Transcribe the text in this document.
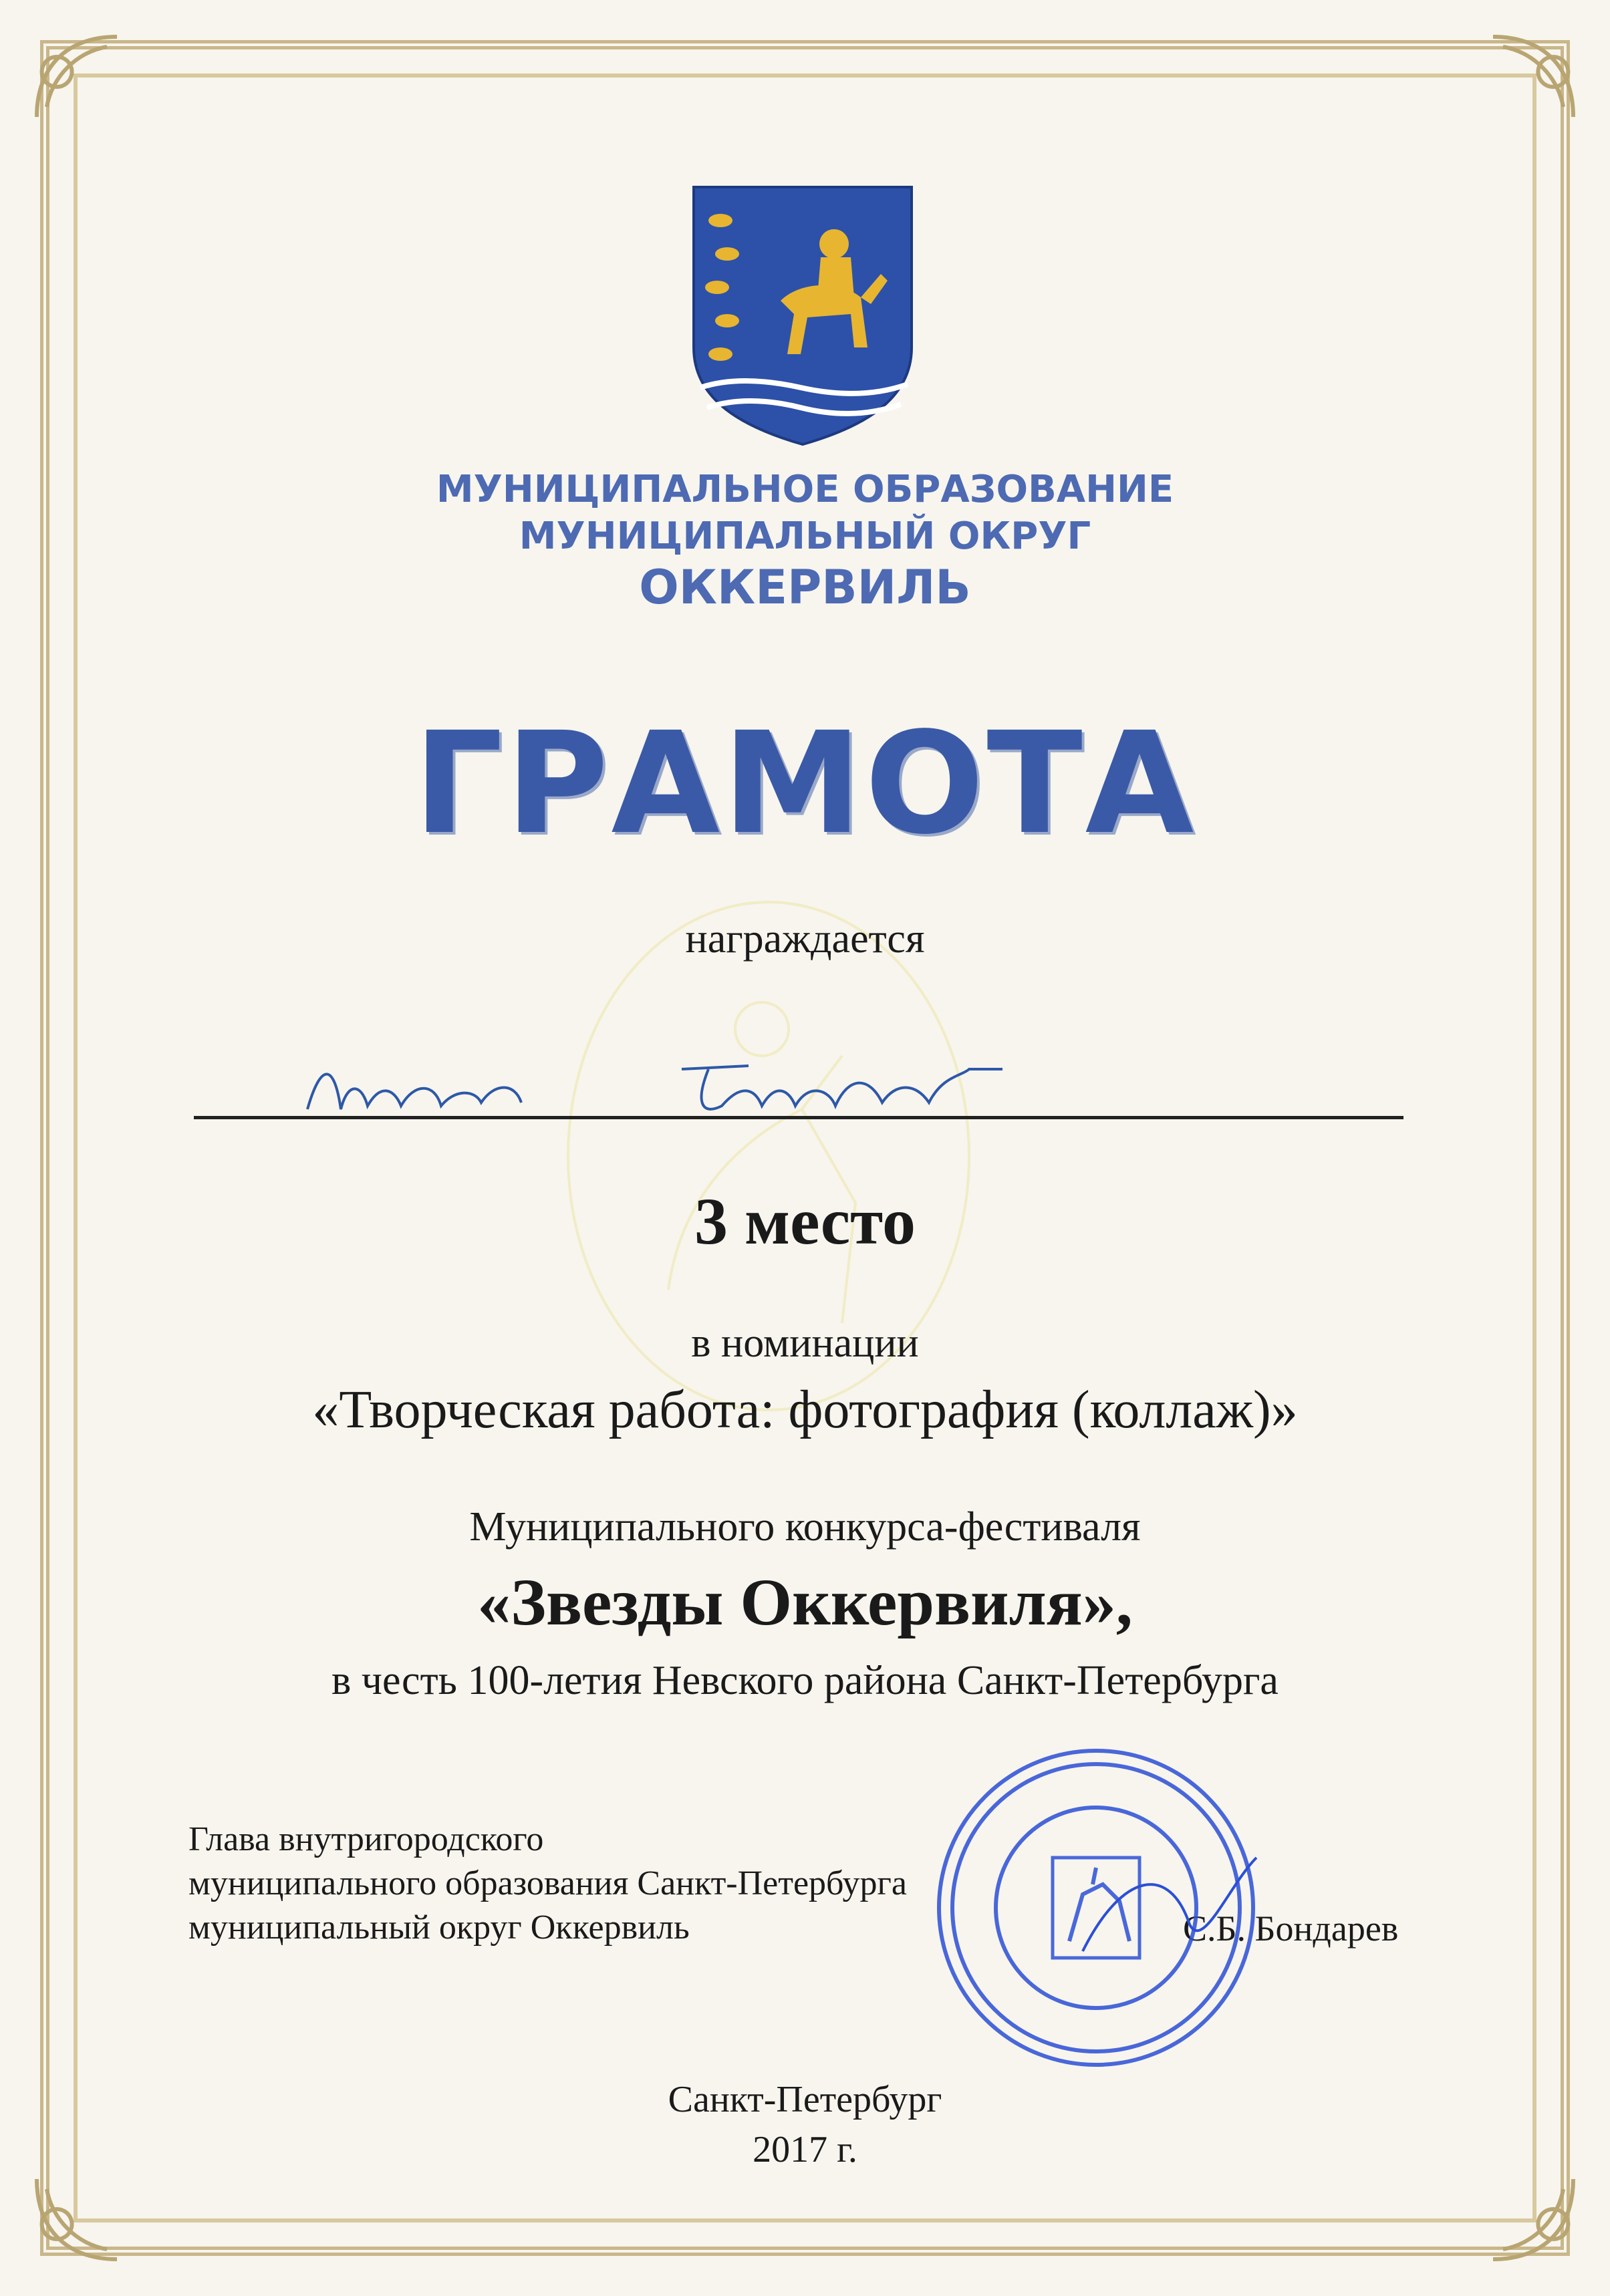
МУНИЦИПАЛЬНОЕ ОБРАЗОВАНИЕ
МУНИЦИПАЛЬНЫЙ ОКРУГ
ОККЕРВИЛЬ
ГРАМОТА
награждается
3 место
в номинации
«Творческая работа: фотография (коллаж)»
Муниципального конкурса-фестиваля
«Звезды Оккервиля»,
в честь 100-летия Невского района Санкт-Петербурга
Глава внутригородского
муниципального образования Санкт-Петербурга
муниципальный округ Оккервиль	С.Б. Бондарев
Санкт-Петербург
2017 г.
